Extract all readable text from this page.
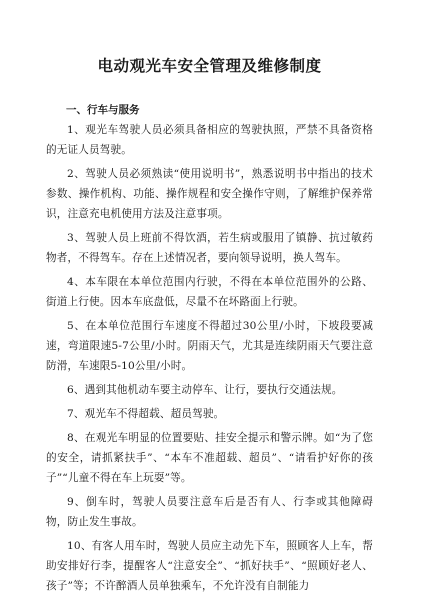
电动观光车安全管理及维修制度
一、行车与服务

1、观光车驾驶人员必须具备相应的驾驶执照，严禁不具备资格的无证人员驾驶。

2、驾驶人员必须熟读“使用说明书”，熟悉说明书中指出的技术参数、操作机构、功能、操作规程和安全操作守则，了解维护保养常识，注意充电机使用方法及注意事项。

3、驾驶人员上班前不得饮酒，若生病或服用了镇静、抗过敏药物者，不得驾车。存在上述情况者，要向领导说明，换人驾车。

4、本车限在本单位范围内行驶，不得在本单位范围外的公路、街道上行使。因本车底盘低，尽量不在坏路面上行驶。

5、在本单位范围行车速度不得超过30公里/小时，下坡段要减速，弯道限速5-7公里/小时。阴雨天气，尤其是连续阴雨天气要注意防滑，车速限5-10公里/小时。

6、遇到其他机动车要主动停车、让行，要执行交通法规。

7、观光车不得超载、超员驾驶。

8、在观光车明显的位置要贴、挂安全提示和警示牌。如“为了您的安全，请抓紧扶手”、“本车不准超载、超员”、“请看护好你的孩子”“儿童不得在车上玩耍”等。

9、倒车时，驾驶人员要注意车后是否有人、行李或其他障碍物，防止发生事故。

10、有客人用车时，驾驶人员应主动先下车，照顾客人上车，帮助安排好行李，提醒客人“注意安全”、“抓好扶手”、“照顾好老人、孩子”等；不许醉酒人员单独乘车，不允许没有自制能力
